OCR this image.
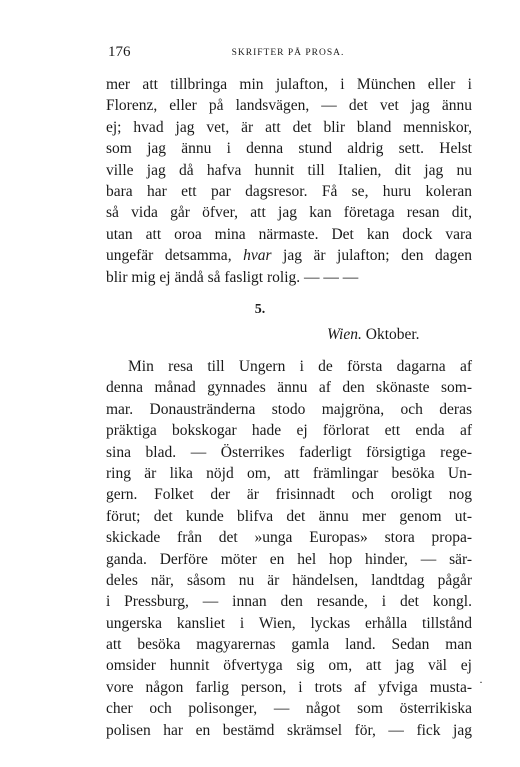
176	SKRIFTER PÅ PROSA.
mer att tillbringa min julafton, i München eller i
Florenz, eller på landsvägen, — det vet jag ännu
ej; hvad jag vet, är att det blir bland menniskor,
som jag ännu i denna stund aldrig sett. Helst
ville jag då hafva hunnit till Italien, dit jag nu
bara har ett par dagsresor. Få se, huru koleran
så vida går öfver, att jag kan företaga resan dit,
utan att oroa mina närmaste. Det kan dock vara
ungefär detsamma, hvar jag är julafton; den dagen
blir mig ej ändå så fasligt rolig. — — —
5.
Wien. Oktober.
Min resa till Ungern i de första dagarna af
denna månad gynnades ännu af den skönaste som-
mar. Donaustränderna stodo majgröna, och deras
präktiga bokskogar hade ej förlorat ett enda af
sina blad. — Österrikes faderligt försigtiga rege-
ring är lika nöjd om, att främlingar besöka Un-
gern. Folket der är frisinnadt och oroligt nog
förut; det kunde blifva det ännu mer genom ut-
skickade från det »unga Europas» stora propa-
ganda. Derföre möter en hel hop hinder, — sär-
deles när, såsom nu är händelsen, landtdag pågår
i Pressburg, — innan den resande, i det kongl.
ungerska kansliet i Wien, lyckas erhålla tillstånd
att besöka magyarernas gamla land. Sedan man
omsider hunnit öfvertyga sig om, att jag väl ej
vore någon farlig person, i trots af yfviga musta-
cher och polisonger, — något som österrikiska
polisen har en bestämd skrämsel för, — fick jag
·
